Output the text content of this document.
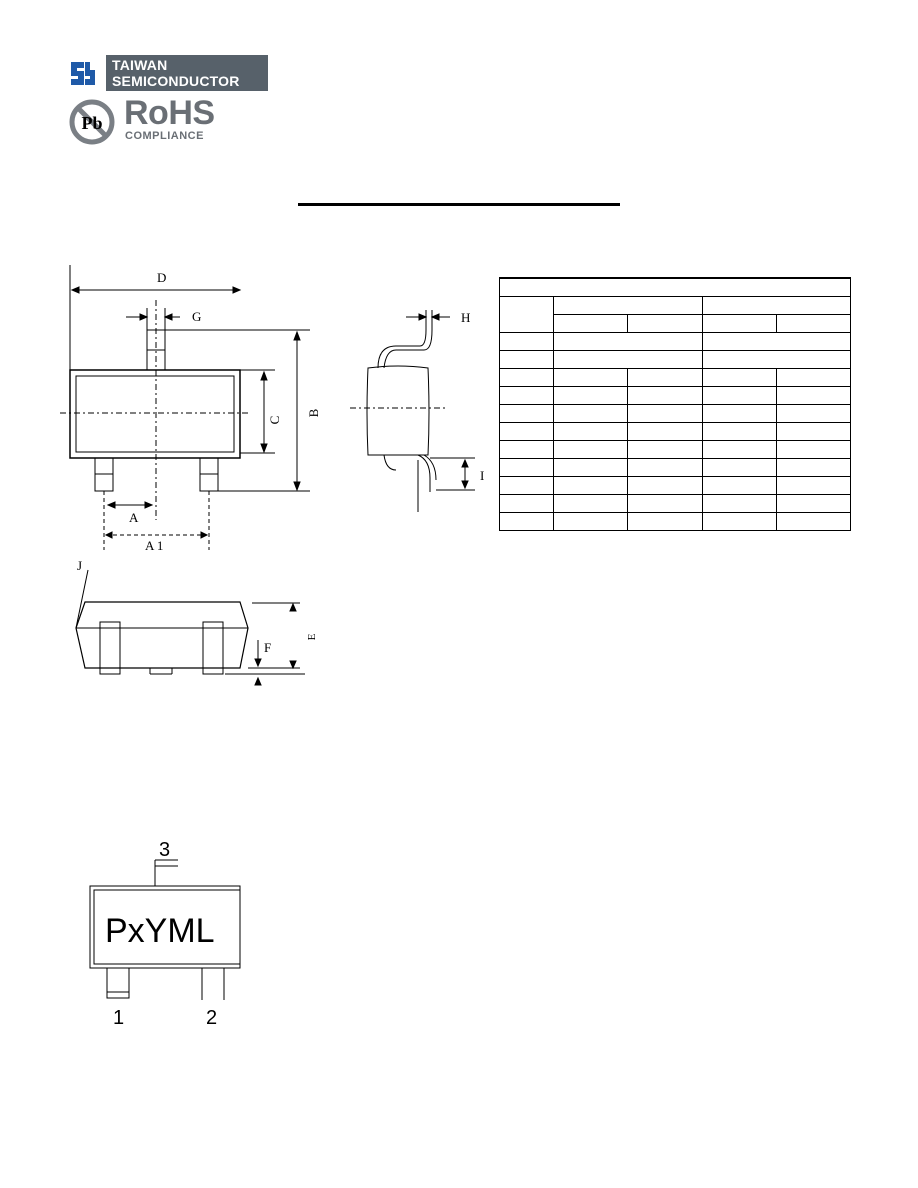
TAIWAN
SEMICONDUCTOR
Pb RoHS
COMPLIANCE
D
G
C
B
A
A 1
H
I
J
F
E

PxYML
3
1	2
